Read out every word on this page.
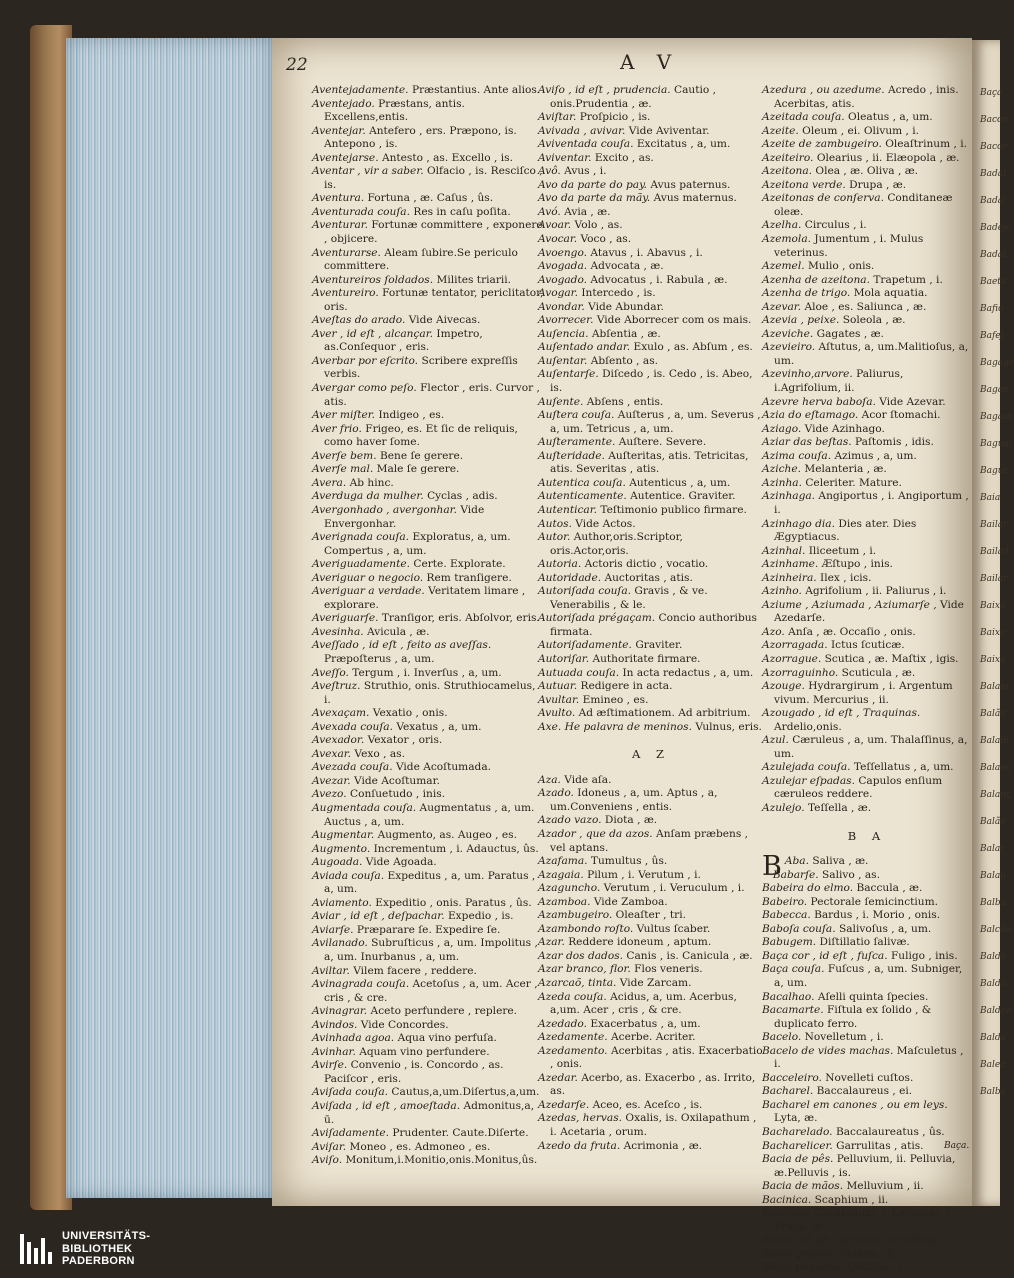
22	A V
Aventejadamente. Præstantius. Ante alios.
Aventejado. Præstans, antis. Excellens,entis.
Aventejar. Antefero , ers. Præpono, is. Antepono , is.
Aventejarse. Antesto , as. Excello , is.
Aventar , vir a saber. Olfacio , is. Resciſco , is.
Aventura. Fortuna , æ. Caſus , ûs.
Aventurada couſa. Res in caſu poſita.
Aventurar. Fortunæ committere , exponere , objicere.
Aventurarse. Aleam ſubire.Se periculo committere.
Aventureiros ſoldados. Milites triarii.
Aventureiro. Fortunæ tentator, periclitator, oris.
Aveſtas do arado. Vide Aivecas.
Aver , id eſt , alcançar. Impetro, as.Conſequor , eris.
Averbar por eſcrito. Scribere expreſſis verbis.
Avergar como peſo. Flector , eris. Curvor , atis.
Aver miſter. Indigeo , es.
Aver frio. Frigeo, es. Et ſic de reliquis, como haver ſome.
Averſe bem. Bene ſe gerere.
Averſe mal. Male ſe gerere.
Avera. Ab hinc.
Averduga da mulher. Cyclas , adis.
Avergonhado , avergonhar. Vide Envergonhar.
Averignada couſa. Exploratus, a, um. Compertus , a, um.
Averiguadamente. Certe. Explorate.
Averiguar o negocio. Rem tranſigere.
Averiguar a verdade. Veritatem limare , explorare.
Averiguarſe. Tranſigor, eris. Abſolvor, eris.
Avesinha. Avicula , æ.
Aveſſado , id eſt , feito as aveſſas. Præpoſterus , a, um.
Aveſſo. Tergum , i. Inverſus , a, um.
Aveſtruz. Struthio, onis. Struthiocamelus, i.
Avexaçam. Vexatio , onis.
Avexada couſa. Vexatus , a, um.
Avexador. Vexator , oris.
Avexar. Vexo , as.
Avezada couſa. Vide Acoſtumada.
Avezar. Vide Acoſtumar.
Avezo. Conſuetudo , inis.
Augmentada couſa. Augmentatus , a, um. Auctus , a, um.
Augmentar. Augmento, as. Augeo , es.
Augmento. Incrementum , i. Adauctus, ûs.
Augoada. Vide Agoada.
Aviada couſa. Expeditus , a, um. Paratus , a, um.
Aviamento. Expeditio , onis. Paratus , ûs.
Aviar , id eſt , deſpachar. Expedio , is.
Aviarſe. Præparare ſe. Expedire ſe.
Avilanado. Subruſticus , a, um. Impolitus , a, um. Inurbanus , a, um.
Aviltar. Vilem facere , reddere.
Avinagrada couſa. Acetoſus , a, um. Acer , cris , & cre.
Avinagrar. Aceto perfundere , replere.
Avindos. Vide Concordes.
Avinhada agoa. Aqua vino perfuſa.
Avinhar. Aquam vino perfundere.
Avirſe. Convenio , is. Concordo , as. Paciſcor , eris.
Aviſada couſa. Cautus,a,um.Diſertus,a,um.
Aviſada , id eſt , amoeſtada. Admonitus,a, ū.
Aviſadamente. Prudenter. Caute.Diſerte.
Aviſar. Moneo , es. Admoneo , es.
Aviſo. Monitum,i.Monitio,onis.Monitus,ûs.
Aviſo , id eſt , prudencia. Cautio , onis.Prudentia , æ.
Aviſtar. Proſpicio , is.
Avivada , avivar. Vide Aviventar.
Aviventada couſa. Excitatus , a, um.
Aviventar. Excito , as.
Avô. Avus , i.
Avo da parte do pay. Avus paternus.
Avo da parte da mãy. Avus maternus.
Avó. Avia , æ.
Avoar. Volo , as.
Avocar. Voco , as.
Avoengo. Atavus , i. Abavus , i.
Avogada. Advocata , æ.
Avogado. Advocatus , i. Rabula , æ.
Avogar. Intercedo , is.
Avondar. Vide Abundar.
Avorrecer. Vide Aborrecer com os mais.
Auſencia. Abſentia , æ.
Auſentado andar. Exulo , as. Abſum , es.
Auſentar. Abſento , as.
Auſentarſe. Diſcedo , is. Cedo , is. Abeo, is.
Auſente. Abſens , entis.
Auſtera couſa. Auſterus , a, um. Severus , a, um. Tetricus , a, um.
Auſteramente. Auſtere. Severe.
Auſteridade. Auſteritas, atis. Tetricitas, atis. Severitas , atis.
Autentica couſa. Autenticus , a, um.
Autenticamente. Autentice. Graviter.
Autenticar. Teſtimonio publico firmare.
Autos. Vide Actos.
Autor. Author,oris.Scriptor, oris.Actor,oris.
Autoria. Actoris dictio , vocatio.
Autoridade. Auctoritas , atis.
Autoriſada couſa. Gravis , & ve. Venerabilis , & le.
Autoriſada prégaçam. Concio authoribus firmata.
Autoriſadamente. Graviter.
Autoriſar. Authoritate firmare.
Autuada couſa. In acta redactus , a, um.
Autuar. Redigere in acta.
Avultar. Emineo , es.
Avulto. Ad æſtimationem. Ad arbitrium.
Axe. He palavra de meninos. Vulnus, eris.
A Z
Aza. Vide aſa.
Azado. Idoneus , a, um. Aptus , a, um.Conveniens , entis.
Azado vazo. Diota , æ.
Azador , que da azos. Anſam præbens , vel aptans.
Azafama. Tumultus , ûs.
Azagaia. Pilum , i. Verutum , i.
Azaguncho. Verutum , i. Veruculum , i.
Azamboa. Vide Zamboa.
Azambugeiro. Oleaſter , tri.
Azambondo roſto. Vultus ſcaber.
Azar. Reddere idoneum , aptum.
Azar dos dados. Canis , is. Canicula , æ.
Azar branco, flor. Flos veneris.
Azarcaõ, tinta. Vide Zarcam.
Azeda couſa. Acidus, a, um. Acerbus, a,um. Acer , cris , & cre.
Azedado. Exacerbatus , a, um.
Azedamente. Acerbe. Acriter.
Azedamento. Acerbitas , atis. Exacerbatio , onis.
Azedar. Acerbo, as. Exacerbo , as. Irrito, as.
Azedarſe. Aceo, es. Aceſco , is.
Azedas, hervas. Oxalis, is. Oxilapathum , i. Acetaria , orum.
Azedo da fruta. Acrimonia , æ.
Azedura , ou azedume. Acredo , inis. Acerbitas, atis.
Azeitada couſa. Oleatus , a, um.
Azeite. Oleum , ei. Olivum , i.
Azeite de zambugeiro. Oleaſtrinum , i.
Azeiteiro. Olearius , ii. Elæopola , æ.
Azeitona. Olea , æ. Oliva , æ.
Azeitona verde. Drupa , æ.
Azeitonas de conſerva. Conditaneæ oleæ.
Azelha. Circulus , i.
Azemola. Jumentum , i. Mulus veterinus.
Azemel. Mulio , onis.
Azenha de azeitona. Trapetum , i.
Azenha de trigo. Mola aquatia.
Azevar. Aloe , es. Saliunca , æ.
Azevia , peixe. Soleola , æ.
Azeviche. Gagates , æ.
Azevieiro. Aſtutus, a, um.Malitioſus, a, um.
Azevinho,arvore. Paliurus, i.Agrifolium, ii.
Azevre herva baboſa. Vide Azevar.
Azia do eſtamago. Acor ſtomachi.
Aziago. Vide Azinhago.
Aziar das beſtas. Paſtomis , idis.
Azima couſa. Azimus , a, um.
Aziche. Melanteria , æ.
Azinha. Celeriter. Mature.
Azinhaga. Angiportus , i. Angiportum , i.
Azinhago dia. Dies ater. Dies Ægyptiacus.
Azinhal. Iliceetum , i.
Azinhame. Æſtupo , inis.
Azinheira. Ilex , icis.
Azinho. Agrifolium , ii. Paliurus , i.
Aziume , Aziumada , Aziumarſe , Vide Azedarſe.
Azo. Anſa , æ. Occaſio , onis.
Azorragada. Ictus ſcuticæ.
Azorrague. Scutica , æ. Maſtix , igis.
Azorraguinho. Scuticula , æ.
Azouge. Hydrargirum , i. Argentum vivum. Mercurius , ii.
Azougado , id eſt , Traquinas. Ardelio,onis.
Azul. Cæruleus , a, um. Thalaſſinus, a, um.
Azulejada couſa. Teſſellatus , a, um.
Azulejar eſpadas. Capulos enſium cæruleos reddere.
Azulejo. Teſſella , æ.
B A
B Aba. Saliva , æ.
Babarſe. Salivo , as.
Babeira do elmo. Baccula , æ.
Babeiro. Pectorale ſemicinctium.
Babecca. Bardus , i. Morio , onis.
Baboſa couſa. Salivoſus , a, um.
Babugem. Diſtillatio ſalivæ.
Baça cor , id eſt , fuſca. Fuligo , inis.
Baça couſa. Fuſcus , a, um. Subniger, a, um.
Bacalhao. Aſelli quinta ſpecies.
Bacamarte. Fiſtula ex ſolido , & duplicato ferro.
Bacelo. Novelletum , i.
Bacelo de vides machas. Maſculetus , i.
Bacceleiro. Novelleti cuſtos.
Bacharel. Baccalaureus , ei.
Bacharel em canones , ou em leys. Lyta, æ.
Bacharelado. Baccalaureatus , ûs.
Bacharelicer. Garrulitas , atis.
Bacia de pês. Pelluvium, ii. Pelluvia, æ.Pelluvis , is.
Bacia de mãos. Melluvium , ii.
Bacinica. Scaphium , ii.
Bacinico. Cacabulum, i. Laſanum, i. Trulla, æ.
Bacio , id eſt , ſervidor. O meſmo.
Bacio grande. Solium , ii.
Bacio pequeno. Catillus , i.
Baça.
Baça.
Bacon
Bacor
Badal
Badal
Badejo
Badal
Baeta
Bafio
Bafej
Bagage
Bagao
Bagato
Bagual
Bagur
Baia
Bailar
Bailad
Bailar
Baixa
Baixo
Baixa
Balam
Balão
Balaio
Balanç
Balanç
Balão
Balar
Balau
Balbu
Balcão
Balde
Baldo
Baldea
Balda
Balea
Balba
UNIVERSITÄTS-
BIBLIOTHEK
PADERBORN
